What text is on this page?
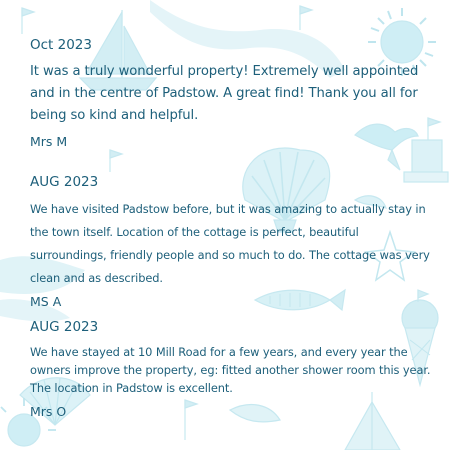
Oct 2023
It was a truly wonderful property! Extremely well appointed and in the centre of Padstow. A great find! Thank you all for being so kind and helpful.
Mrs M
AUG 2023
We have visited Padstow before, but it was amazing to actually stay in the town itself. Location of the cottage is perfect, beautiful surroundings, friendly people and so much to do. The cottage was very clean and as described.
MS A
AUG 2023
We have stayed at 10 Mill Road for a few years, and every year the owners improve the property, eg: fitted another shower room this year. The location in Padstow is excellent.
Mrs O
